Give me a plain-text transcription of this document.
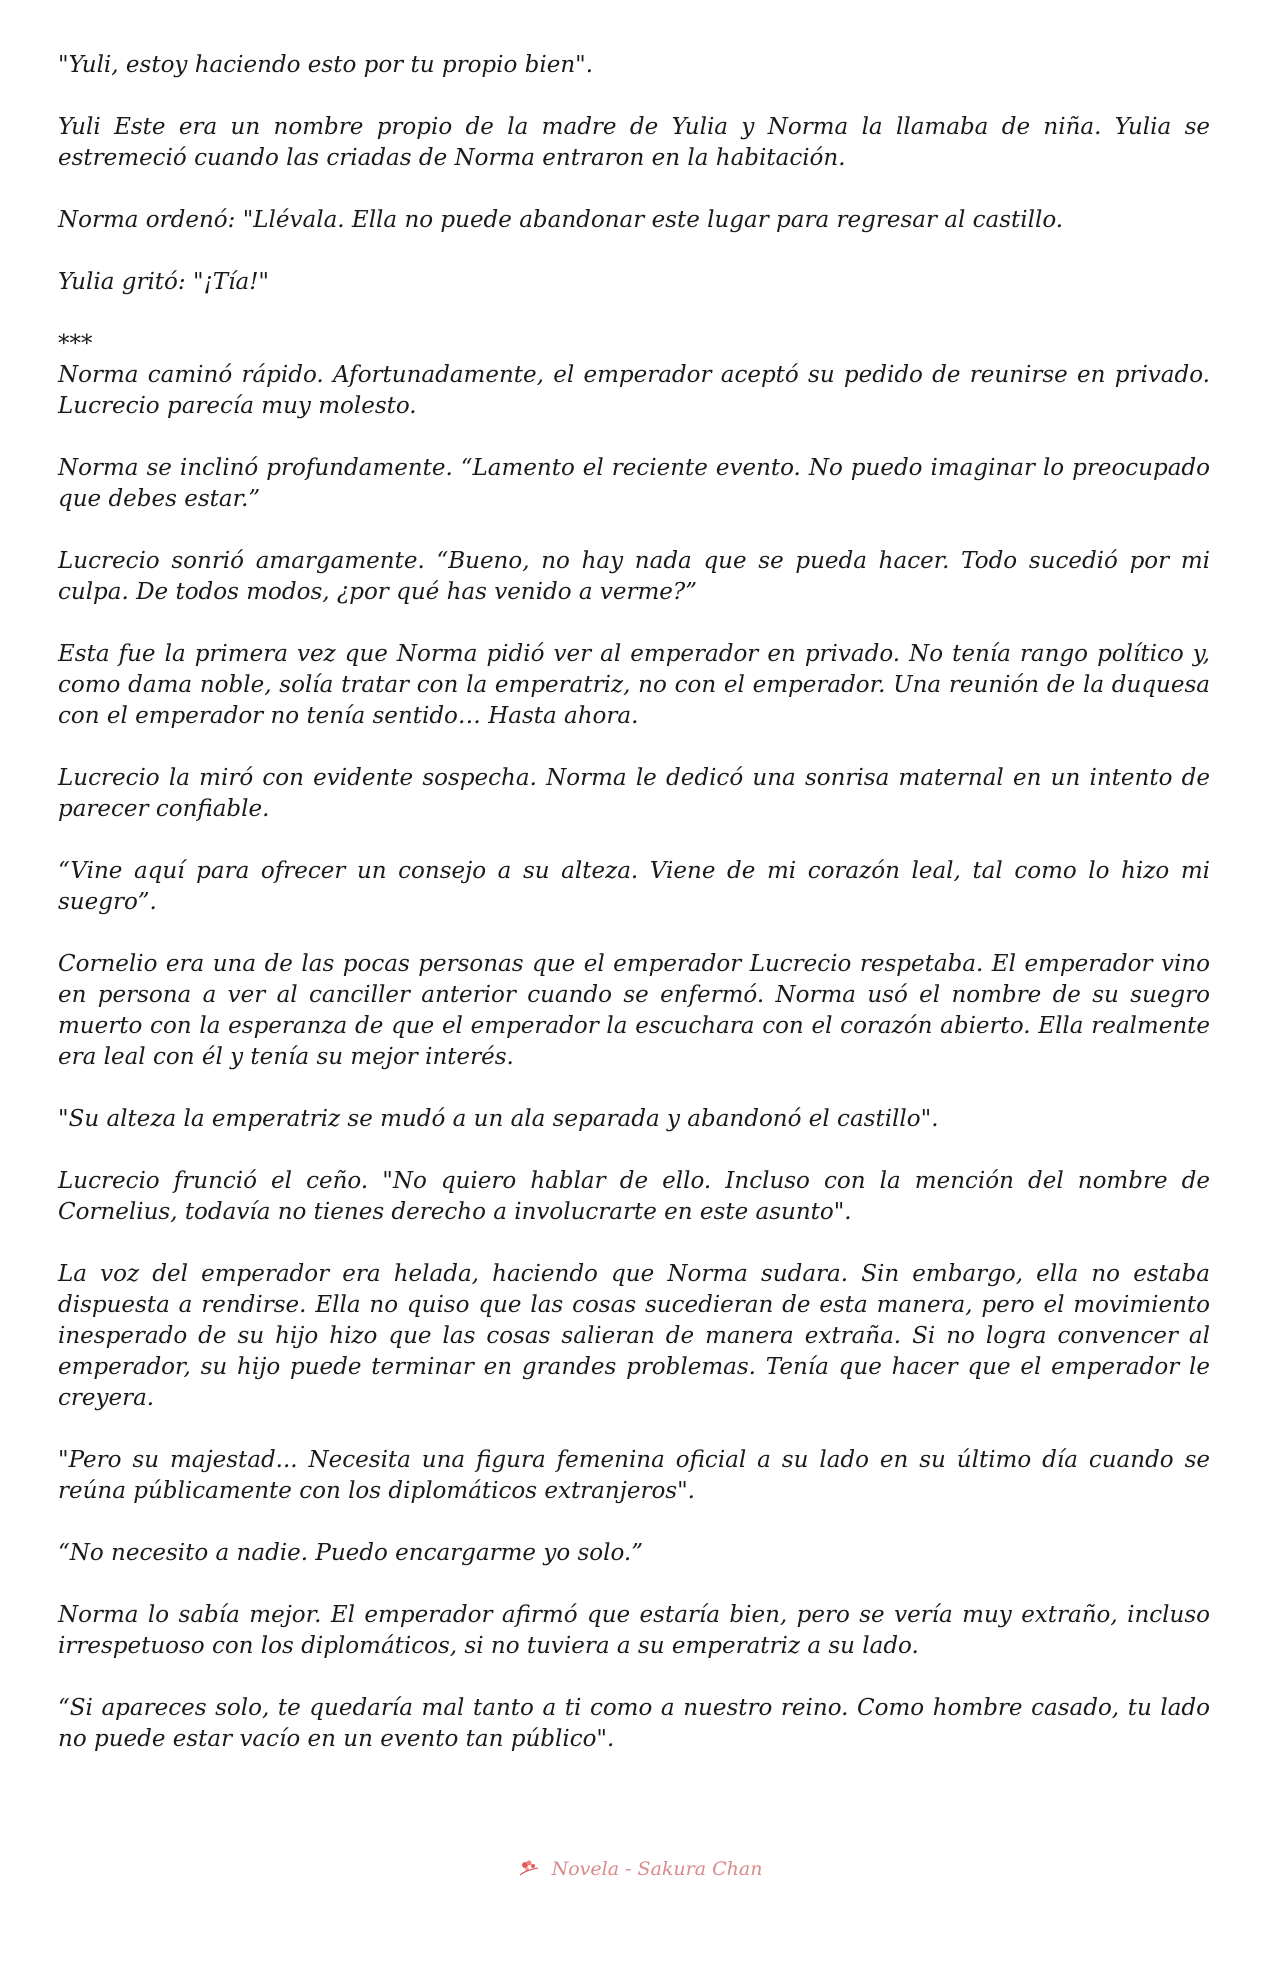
"Yuli, estoy haciendo esto por tu propio bien".

Yuli Este era un nombre propio de la madre de Yulia y Norma la llamaba de niña. Yulia se estremeció cuando las criadas de Norma entraron en la habitación.

Norma ordenó: "Llévala. Ella no puede abandonar este lugar para regresar al castillo.

Yulia gritó: "¡Tía!"

***

Norma caminó rápido. Afortunadamente, el emperador aceptó su pedido de reunirse en privado. Lucrecio parecía muy molesto.

Norma se inclinó profundamente. “Lamento el reciente evento. No puedo imaginar lo preocupado que debes estar.”

Lucrecio sonrió amargamente. “Bueno, no hay nada que se pueda hacer. Todo sucedió por mi culpa. De todos modos, ¿por qué has venido a verme?”

Esta fue la primera vez que Norma pidió ver al emperador en privado. No tenía rango político y, como dama noble, solía tratar con la emperatriz, no con el emperador. Una reunión de la duquesa con el emperador no tenía sentido… Hasta ahora.

Lucrecio la miró con evidente sospecha. Norma le dedicó una sonrisa maternal en un intento de parecer confiable.

“Vine aquí para ofrecer un consejo a su alteza. Viene de mi corazón leal, tal como lo hizo mi suegro”.

Cornelio era una de las pocas personas que el emperador Lucrecio respetaba. El emperador vino en persona a ver al canciller anterior cuando se enfermó. Norma usó el nombre de su suegro muerto con la esperanza de que el emperador la escuchara con el corazón abierto. Ella realmente era leal con él y tenía su mejor interés.

"Su alteza la emperatriz se mudó a un ala separada y abandonó el castillo".

Lucrecio frunció el ceño. "No quiero hablar de ello. Incluso con la mención del nombre de Cornelius, todavía no tienes derecho a involucrarte en este asunto".

La voz del emperador era helada, haciendo que Norma sudara. Sin embargo, ella no estaba dispuesta a rendirse. Ella no quiso que las cosas sucedieran de esta manera, pero el movimiento inesperado de su hijo hizo que las cosas salieran de manera extraña. Si no logra convencer al emperador, su hijo puede terminar en grandes problemas. Tenía que hacer que el emperador le creyera.

"Pero su majestad... Necesita una figura femenina oficial a su lado en su último día cuando se reúna públicamente con los diplomáticos extranjeros".

“No necesito a nadie. Puedo encargarme yo solo.”

Norma lo sabía mejor. El emperador afirmó que estaría bien, pero se vería muy extraño, incluso irrespetuoso con los diplomáticos, si no tuviera a su emperatriz a su lado.

“Si apareces solo, te quedaría mal tanto a ti como a nuestro reino. Como hombre casado, tu lado no puede estar vacío en un evento tan público".

Novela - Sakura Chan
